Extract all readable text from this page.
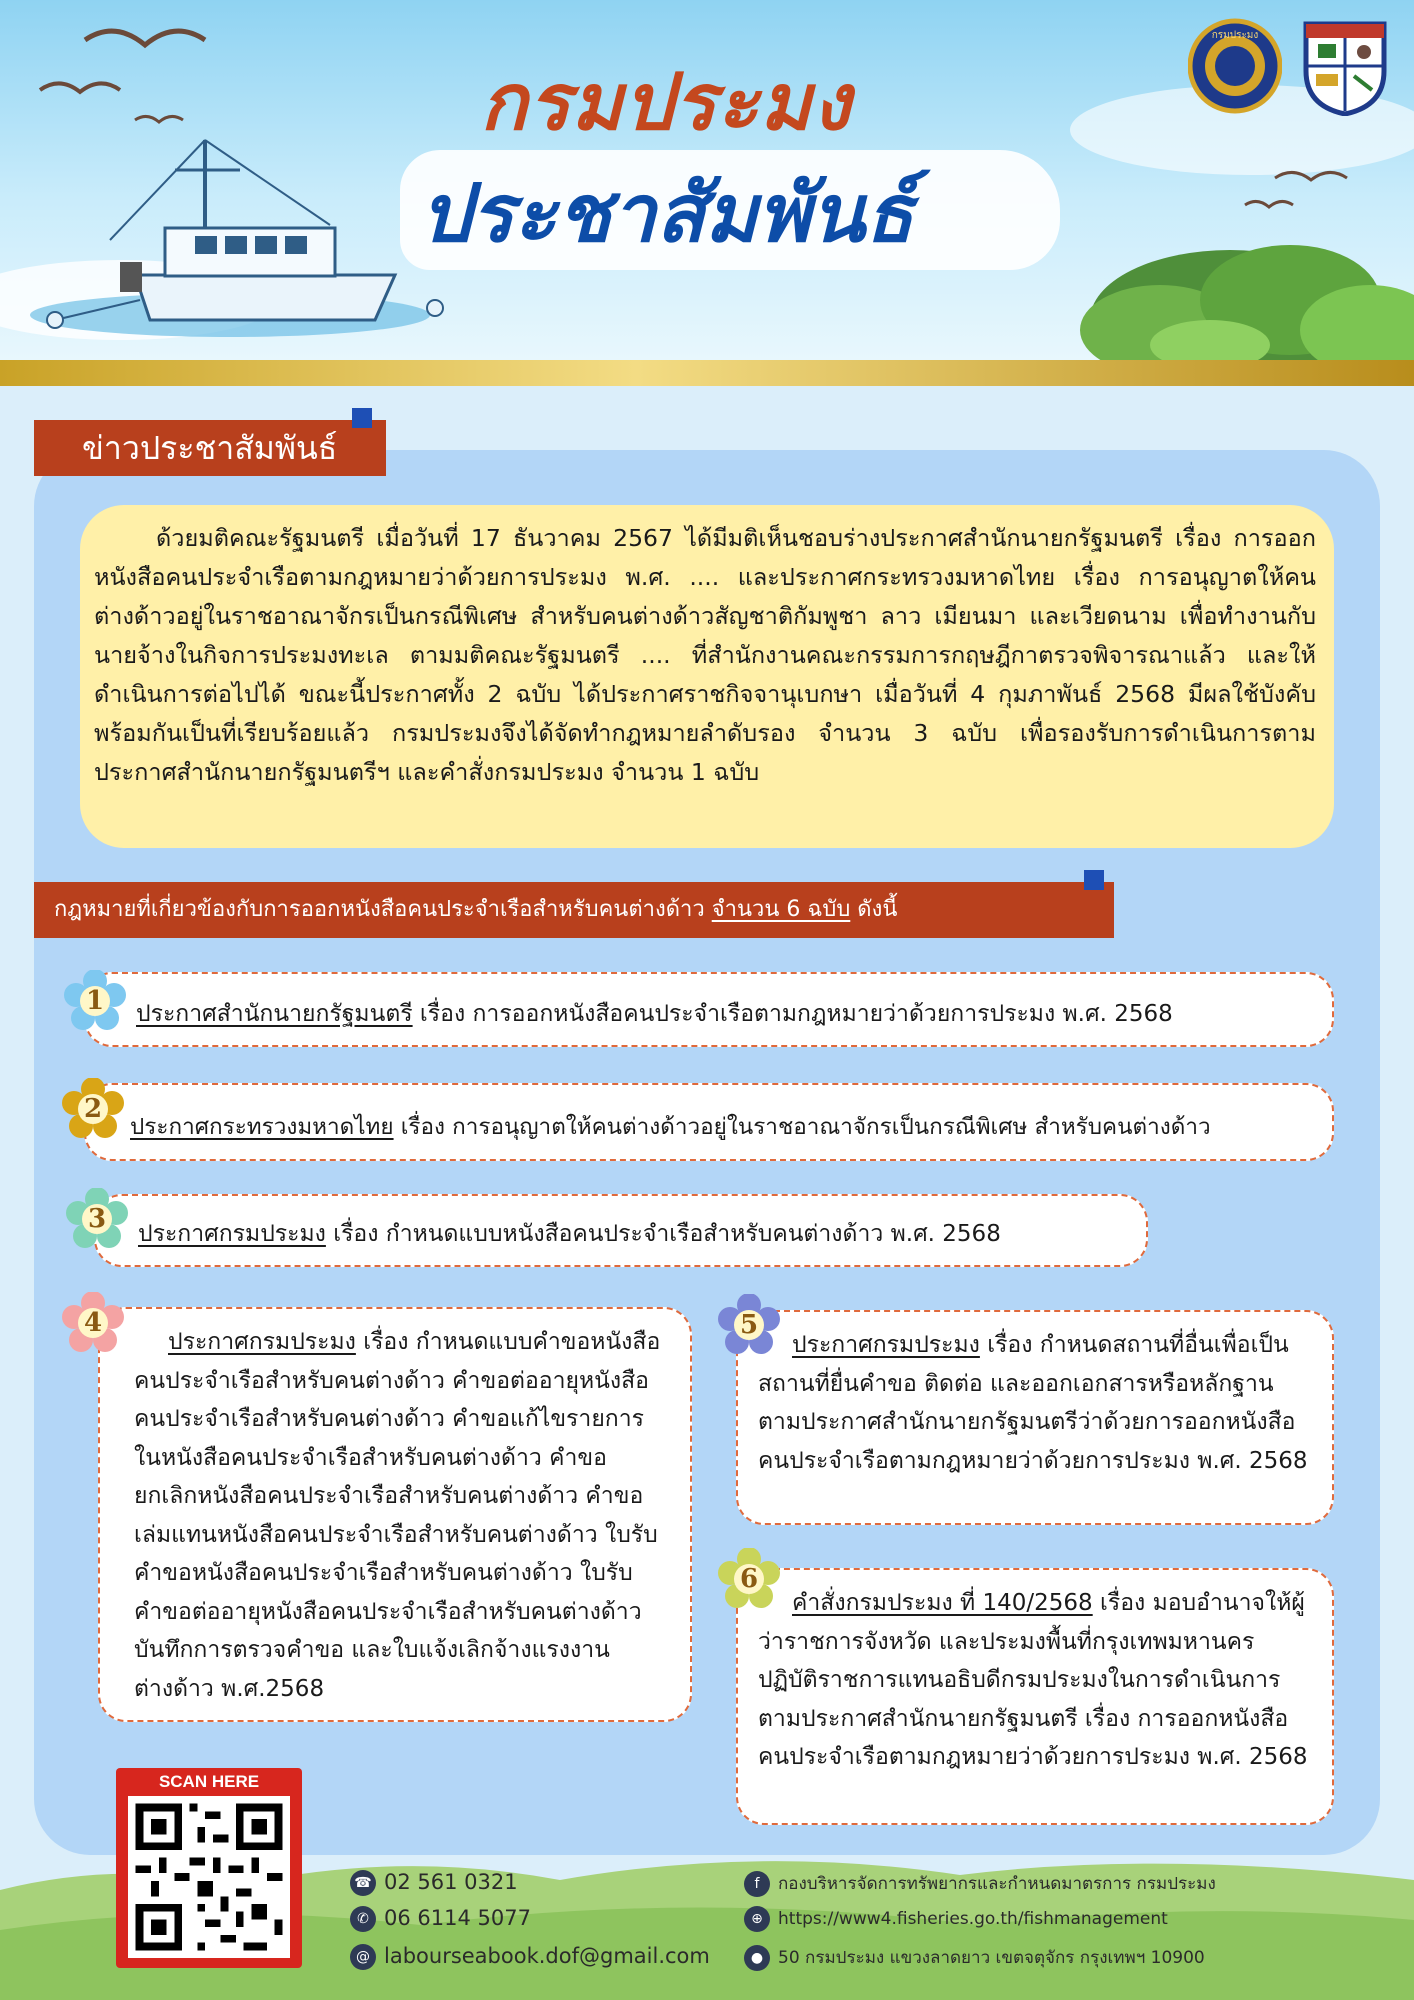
กรมประมง
ประชาสัมพันธ์
กรมประมง
ข่าวประชาสัมพันธ์

ด้วยมติคณะรัฐมนตรี เมื่อวันที่ 17 ธันวาคม 2567 ได้มีมติเห็นชอบร่างประกาศสำนักนายกรัฐมนตรี เรื่อง การออกหนังสือคนประจำเรือตามกฎหมายว่าด้วยการประมง พ.ศ. .... และประกาศกระทรวงมหาดไทย เรื่อง การอนุญาตให้คนต่างด้าวอยู่ในราชอาณาจักรเป็นกรณีพิเศษ สำหรับคนต่างด้าวสัญชาติกัมพูชา ลาว เมียนมา และเวียดนาม เพื่อทำงานกับนายจ้างในกิจการประมงทะเล ตามมติคณะรัฐมนตรี .... ที่สำนักงานคณะกรรมการกฤษฎีกาตรวจพิจารณาแล้ว และให้ดำเนินการต่อไปได้ ขณะนี้ประกาศทั้ง 2 ฉบับ ได้ประกาศราชกิจจานุเบกษา เมื่อวันที่ 4 กุมภาพันธ์ 2568 มีผลใช้บังคับพร้อมกันเป็นที่เรียบร้อยแล้ว กรมประมงจึงได้จัดทำกฎหมายลำดับรอง จำนวน 3 ฉบับ เพื่อรองรับการดำเนินการตามประกาศสำนักนายกรัฐมนตรีฯ และคำสั่งกรมประมง จำนวน 1 ฉบับ

กฎหมายที่เกี่ยวข้องกับการออกหนังสือคนประจำเรือสำหรับคนต่างด้าว จำนวน 6 ฉบับ ดังนี้
ประกาศสำนักนายกรัฐมนตรี เรื่อง การออกหนังสือคนประจำเรือตามกฎหมายว่าด้วยการประมง พ.ศ. 2568
ประกาศกระทรวงมหาดไทย เรื่อง การอนุญาตให้คนต่างด้าวอยู่ในราชอาณาจักรเป็นกรณีพิเศษ สำหรับคนต่างด้าว
ประกาศกรมประมง เรื่อง กำหนดแบบหนังสือคนประจำเรือสำหรับคนต่างด้าว พ.ศ. 2568

ประกาศกรมประมง เรื่อง กำหนดแบบคำขอหนังสือคนประจำเรือสำหรับคนต่างด้าว คำขอต่ออายุหนังสือคนประจำเรือสำหรับคนต่างด้าว คำขอแก้ไขรายการในหนังสือคนประจำเรือสำหรับคนต่างด้าว คำขอยกเลิกหนังสือคนประจำเรือสำหรับคนต่างด้าว คำขอเล่มแทนหนังสือคนประจำเรือสำหรับคนต่างด้าว ใบรับคำขอหนังสือคนประจำเรือสำหรับคนต่างด้าว ใบรับคำขอต่ออายุหนังสือคนประจำเรือสำหรับคนต่างด้าว บันทึกการตรวจคำขอ และใบแจ้งเลิกจ้างแรงงานต่างด้าว พ.ศ.2568

ประกาศกรมประมง เรื่อง กำหนดสถานที่อื่นเพื่อเป็นสถานที่ยื่นคำขอ ติดต่อ และออกเอกสารหรือหลักฐานตามประกาศสำนักนายกรัฐมนตรีว่าด้วยการออกหนังสือคนประจำเรือตามกฎหมายว่าด้วยการประมง พ.ศ. 2568

คำสั่งกรมประมง ที่ 140/2568 เรื่อง มอบอำนาจให้ผู้ว่าราชการจังหวัด และประมงพื้นที่กรุงเทพมหานคร ปฏิบัติราชการแทนอธิบดีกรมประมงในการดำเนินการตามประกาศสำนักนายกรัฐมนตรี เรื่อง การออกหนังสือคนประจำเรือตามกฎหมายว่าด้วยการประมง พ.ศ. 2568

1
2
3
4	5
6
SCAN HERE
☎ 02 561 0321
✆ 06 6114 5077
@ labourseabook.dof@gmail.com
f กองบริหารจัดการทรัพยากรและกำหนดมาตรการ กรมประมง
⊕ https://www4.fisheries.go.th/fishmanagement
● 50 กรมประมง แขวงลาดยาว เขตจตุจักร กรุงเทพฯ 10900
